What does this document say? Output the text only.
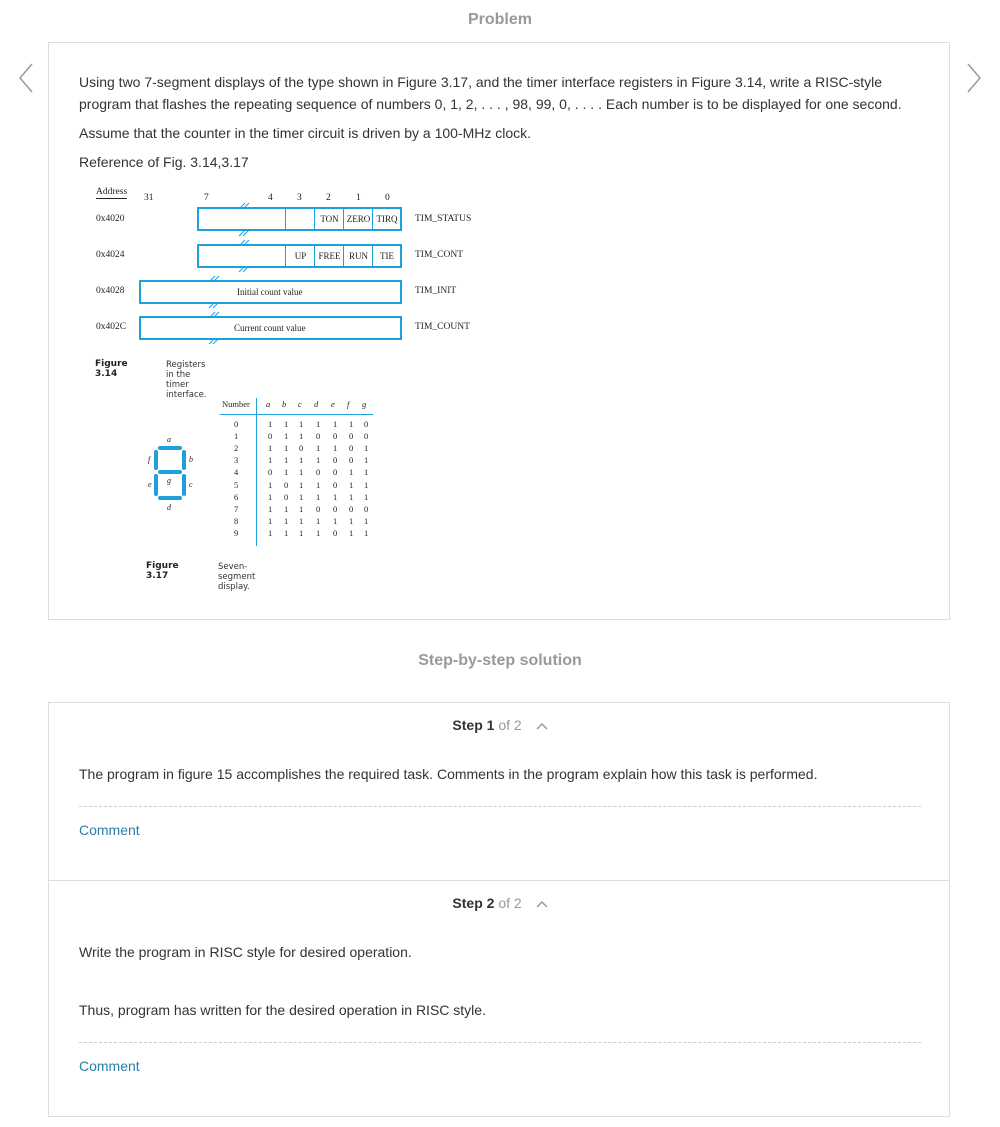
Problem
Using two 7-segment displays of the type shown in Figure 3.17, and the timer interface registers in Figure 3.14, write a RISC-style
program that flashes the repeating sequence of numbers 0, 1, 2, . . . , 98, 99, 0, . . . . Each number is to be displayed for one second.
Assume that the counter in the timer circuit is driven by a 100-MHz clock.
Reference of Fig. 3.14,3.17
Address
31	7	4	3	2	1	0
0x4020	TON ZERO TIRQ	TIM_STATUS
0x4024	UP	FREE RUN	TIE	TIM_CONT
0x4028	Initial count value	TIM_INIT
0x402C	Current count value	TIM_COUNT
Figure 3.14
Registers in the timer interface.
a
b
c
d
e
f
g
Number a b c d e f g
0	1 1 1 1 1 1 0
1	0 1 1 0 0 0 0
2	1 1 0 1 1 0 1
3	1 1 1 1 0 0 1
4	0 1 1 0 0 1 1
5	1 0 1 1 0 1 1
6	1 0 1 1 1 1 1
7	1 1 1 0 0 0 0
8	1 1 1 1 1 1 1
9	1 1 1 1 0 1 1
Figure 3.17
Seven-segment display.
Step-by-step solution
Step 1 of 2
The program in figure 15 accomplishes the required task. Comments in the program explain how this task is performed.
Comment
Step 2 of 2
Write the program in RISC style for desired operation.
Thus, program has written for the desired operation in RISC style.
Comment
